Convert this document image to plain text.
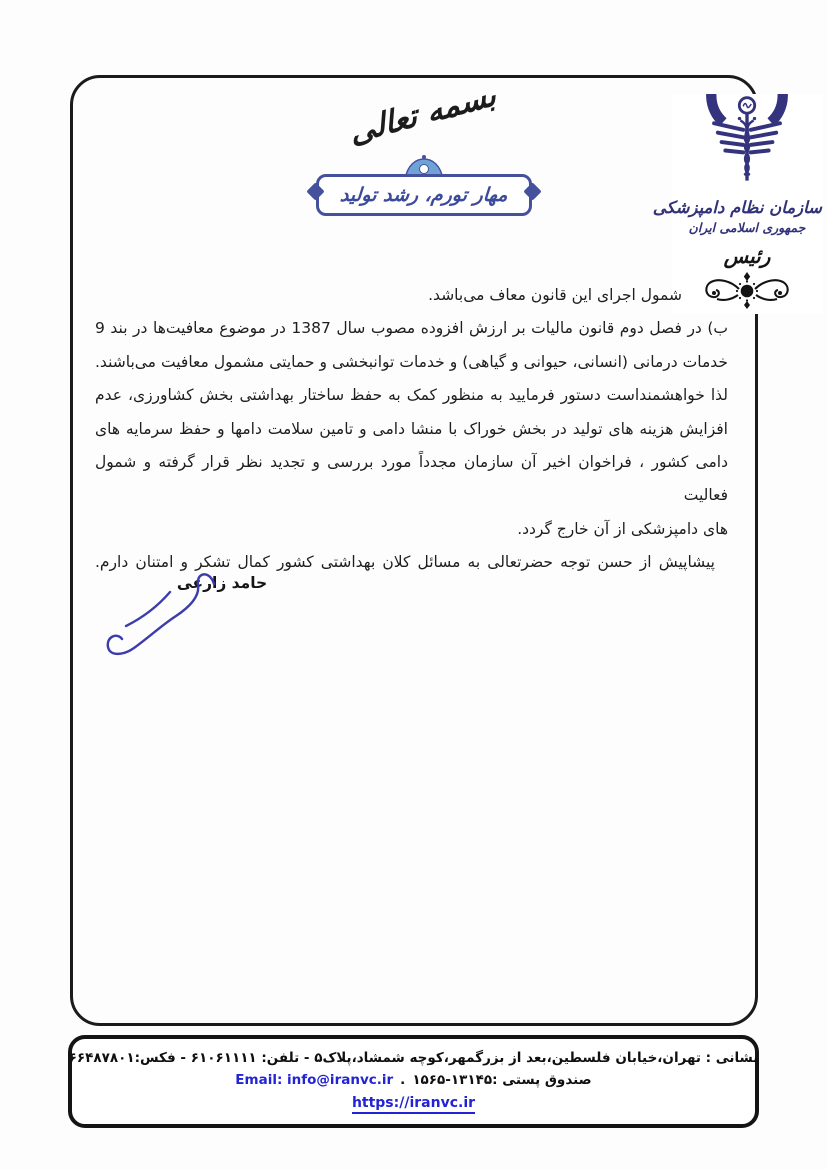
بسمه تعالی
مهار تورم، رشد تولید
سازمان نظام دامپزشکی
جمهوری اسلامی ایران
رئیس
شمول اجرای این قانون معاف می‌باشد.
ب) در فصل دوم قانون مالیات بر ارزش افزوده مصوب سال 1387 در موضوع معافیت‌ها در بند 9
خدمات درمانی (انسانی، حیوانی و گیاهی) و خدمات توانبخشی و حمایتی مشمول معافیت می‌باشند.
لذا خواهشمنداست دستور فرمایید به منظور کمک به حفظ ساختار بهداشتی بخش کشاورزی، عدم
افزایش هزینه های تولید در بخش خوراک با منشا دامی و تامین سلامت دامها و حفظ سرمایه های
دامی کشور ، فراخوان اخیر آن سازمان مجدداً مورد بررسی و تجدید نظر قرار گرفته و شمول فعالیت
های دامپزشکی از آن خارج گردد.
پیشاپیش از حسن توجه حضرتعالی به مسائل کلان بهداشتی کشور کمال تشکر و امتنان دارم.
حامد زارعی
نشانی : تهران،خیابان فلسطین،بعد از بزرگمهر،کوچه شمشاد،پلاک۵ - تلفن: ۶۱۰۶۱۱۱۱ - فکس:۶۶۴۸۷۸۰۱
صندوق پستی :۱۳۱۴۵-۱۵۶۵
.
Email: info@iranvc.ir
https://iranvc.ir
